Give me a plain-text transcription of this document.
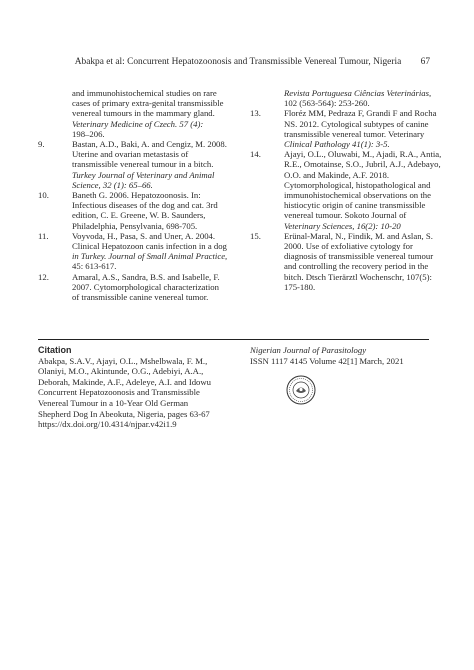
Abakpa et al: Concurrent Hepatozoonosis and Transmissible Venereal Tumour, Nigeria	67
and immunohistochemical studies on rare
cases of primary extra-genital transmissible
venereal tumours in the mammary gland.
Veterinary Medicine of Czech. 57 (4):
198–206.
9.	Bastan, A.D., Baki, A. and Cengiz, M. 2008.
Uterine and ovarian metastasis of
transmissible venereal tumour in a bitch.
Turkey Journal of Veterinary and Animal
Science, 32 (1): 65–66.
10.	Baneth G. 2006. Hepatozoonosis. In:
Infectious diseases of the dog and cat. 3rd
edition, C. E. Greene, W. B. Saunders,
Philadelphia, Pensylvania, 698-705.
11.	Voyvoda, H., Pasa, S. and Uner, A. 2004.
Clinical Hepatozoon canis infection in a dog
in Turkey. Journal of Small Animal Practice,
45: 613-617.
12.	Amaral, A.S., Sandra, B.S. and Isabelle, F.
2007. Cytomorphological characterization
of transmissible canine venereal tumor.
Revista Portuguesa Ciências Veterinárias,
102 (563-564): 253-260.
13.	Floréz MM, Pedraza F, Grandi F and Rocha
NS. 2012. Cytological subtypes of canine
transmissible venereal tumor. Veterinary
Clinical Pathology 41(1): 3-5.
14.	Ajayi, O.L., Oluwabi, M., Ajadi, R.A., Antia,
R.E., Omotainse, S.O., Jubril, A.J., Adebayo,
O.O. and Makinde, A.F. 2018.
Cytomorphological, histopathological and
immunohistochemical observations on the
histiocytic origin of canine transmissible
venereal tumour. Sokoto Journal of
Veterinary Sciences, 16(2): 10-20
15.	Erünal-Maral, N., Findik, M. and Aslan, S.
2000. Use of exfoliative cytology for
diagnosis of transmissible venereal tumour
and controlling the recovery period in the
bitch. Dtsch Tierärztl Wochenschr, 107(5):
175-180.
Citation
Abakpa, S.A.V., Ajayi, O.L., Mshelbwala, F. M.,
Olaniyi, M.O., Akintunde, O.G., Adebiyi, A.A.,
Deborah, Makinde, A.F., Adeleye, A.I. and Idowu
Concurrent Hepatozoonosis and Transmissible
Venereal Tumour in a 10-Year Old German
Shepherd Dog In Abeokuta, Nigeria, pages 63-67
https://dx.doi.org/10.4314/njpar.v42i1.9
Nigerian Journal of Parasitology
ISSN 1117 4145 Volume 42[1] March, 2021
